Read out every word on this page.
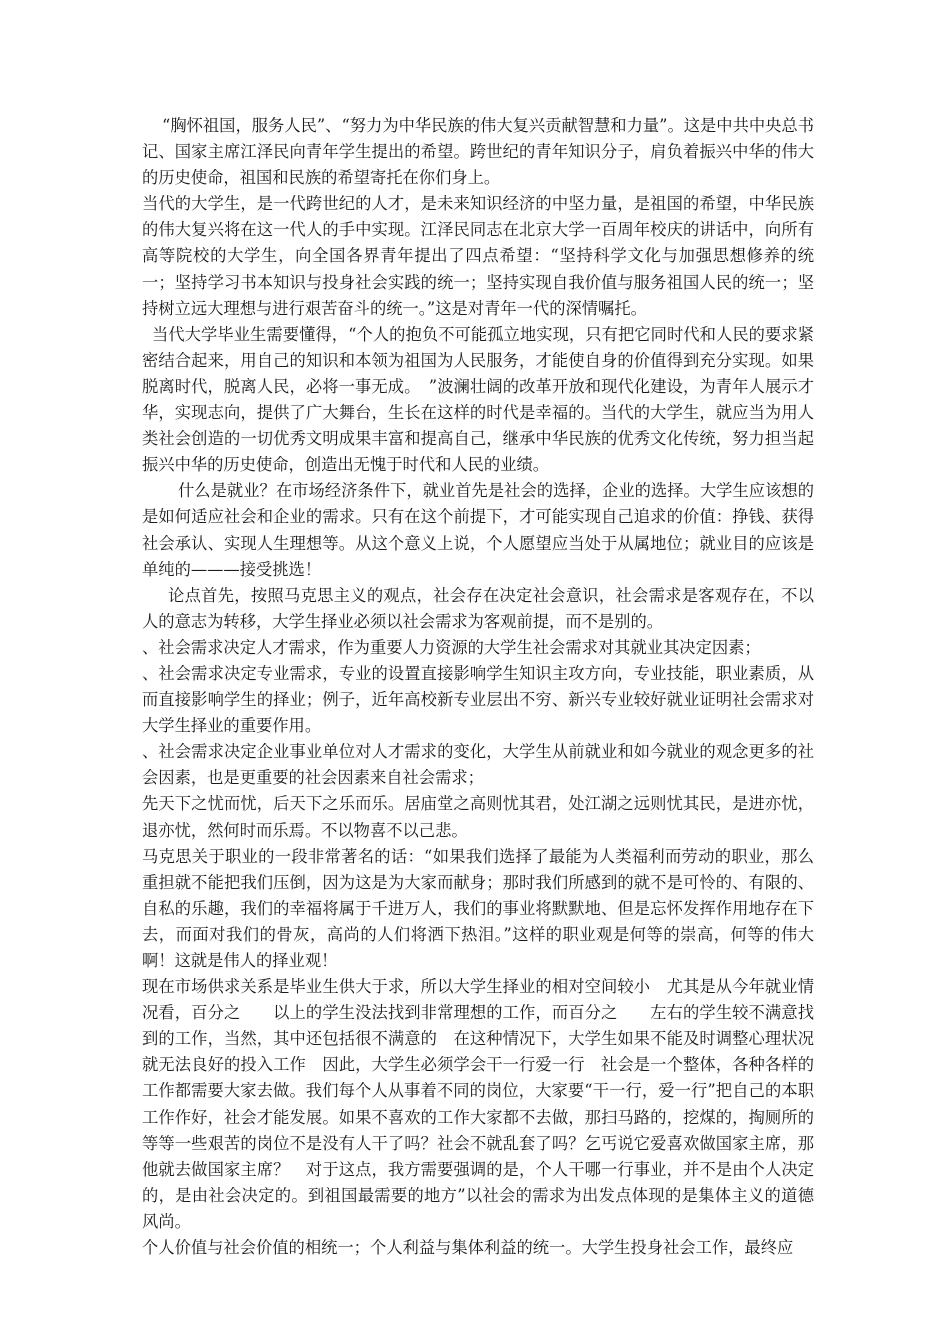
“胸怀祖国，服务人民”、“努力为中华民族的伟大复兴贡献智慧和力量”。这是中共中央总书记、国家主席江泽民向青年学生提出的希望。跨世纪的青年知识分子，肩负着振兴中华的伟大的历史使命，祖国和民族的希望寄托在你们身上。

当代的大学生，是一代跨世纪的人才，是未来知识经济的中坚力量，是祖国的希望，中华民族的伟大复兴将在这一代人的手中实现。江泽民同志在北京大学一百周年校庆的讲话中，向所有高等院校的大学生，向全国各界青年提出了四点希望：“坚持科学文化与加强思想修养的统一；坚持学习书本知识与投身社会实践的统一；坚持实现自我价值与服务祖国人民的统一；坚持树立远大理想与进行艰苦奋斗的统一。”这是对青年一代的深情嘱托。

当代大学毕业生需要懂得，“个人的抱负不可能孤立地实现，只有把它同时代和人民的要求紧密结合起来，用自己的知识和本领为祖国为人民服务，才能使自身的价值得到充分实现。如果脱离时代，脱离人民，必将一事无成。　”波澜壮阔的改革开放和现代化建设，为青年人展示才华，实现志向，提供了广大舞台，生长在这样的时代是幸福的。当代的大学生，就应当为用人类社会创造的一切优秀文明成果丰富和提高自己，继承中华民族的优秀文化传统，努力担当起振兴中华的历史使命，创造出无愧于时代和人民的业绩。

什么是就业？在市场经济条件下，就业首先是社会的选择，企业的选择。大学生应该想的是如何适应社会和企业的需求。只有在这个前提下，才可能实现自己追求的价值：挣钱、获得社会承认、实现人生理想等。从这个意义上说，个人愿望应当处于从属地位；就业目的应该是单纯的———接受挑选！

论点首先，按照马克思主义的观点，社会存在决定社会意识，社会需求是客观存在，不以人的意志为转移，大学生择业必须以社会需求为客观前提，而不是别的。

、社会需求决定人才需求，作为重要人力资源的大学生社会需求对其就业其决定因素；

、社会需求决定专业需求，专业的设置直接影响学生知识主攻方向，专业技能，职业素质，从而直接影响学生的择业；例子，近年高校新专业层出不穷、新兴专业较好就业证明社会需求对大学生择业的重要作用。

、社会需求决定企业事业单位对人才需求的变化，大学生从前就业和如今就业的观念更多的社会因素，也是更重要的社会因素来自社会需求；

先天下之忧而忧，后天下之乐而乐。居庙堂之高则忧其君，处江湖之远则忧其民，是进亦忧，退亦忧，然何时而乐焉。不以物喜不以己悲。

马克思关于职业的一段非常著名的话：“如果我们选择了最能为人类福利而劳动的职业，那么重担就不能把我们压倒，因为这是为大家而献身；那时我们所感到的就不是可怜的、有限的、自私的乐趣，我们的幸福将属于千进万人，我们的事业将默默地、但是忘怀发挥作用地存在下去，而面对我们的骨灰，高尚的人们将洒下热泪。”这样的职业观是何等的崇高，何等的伟大啊！这就是伟人的择业观！

现在市场供求关系是毕业生供大于求，所以大学生择业的相对空间较小　尤其是从今年就业情况看，百分之　　以上的学生没法找到非常理想的工作，而百分之　　左右的学生较不满意找到的工作，当然，其中还包括很不满意的　在这种情况下，大学生如果不能及时调整心理状况就无法良好的投入工作　因此，大学生必须学会干一行爱一行　社会是一个整体，各种各样的工作都需要大家去做。我们每个人从事着不同的岗位，大家要“干一行，爱一行”把自己的本职工作作好，社会才能发展。如果不喜欢的工作大家都不去做，那扫马路的，挖煤的，掏厕所的等等一些艰苦的岗位不是没有人干了吗？社会不就乱套了吗？乞丐说它爱喜欢做国家主席，那他就去做国家主席？　对于这点，我方需要强调的是，个人干哪一行事业，并不是由个人决定的，是由社会决定的。到祖国最需要的地方”以社会的需求为出发点体现的是集体主义的道德风尚。

个人价值与社会价值的相统一；个人利益与集体利益的统一。大学生投身社会工作，最终应
